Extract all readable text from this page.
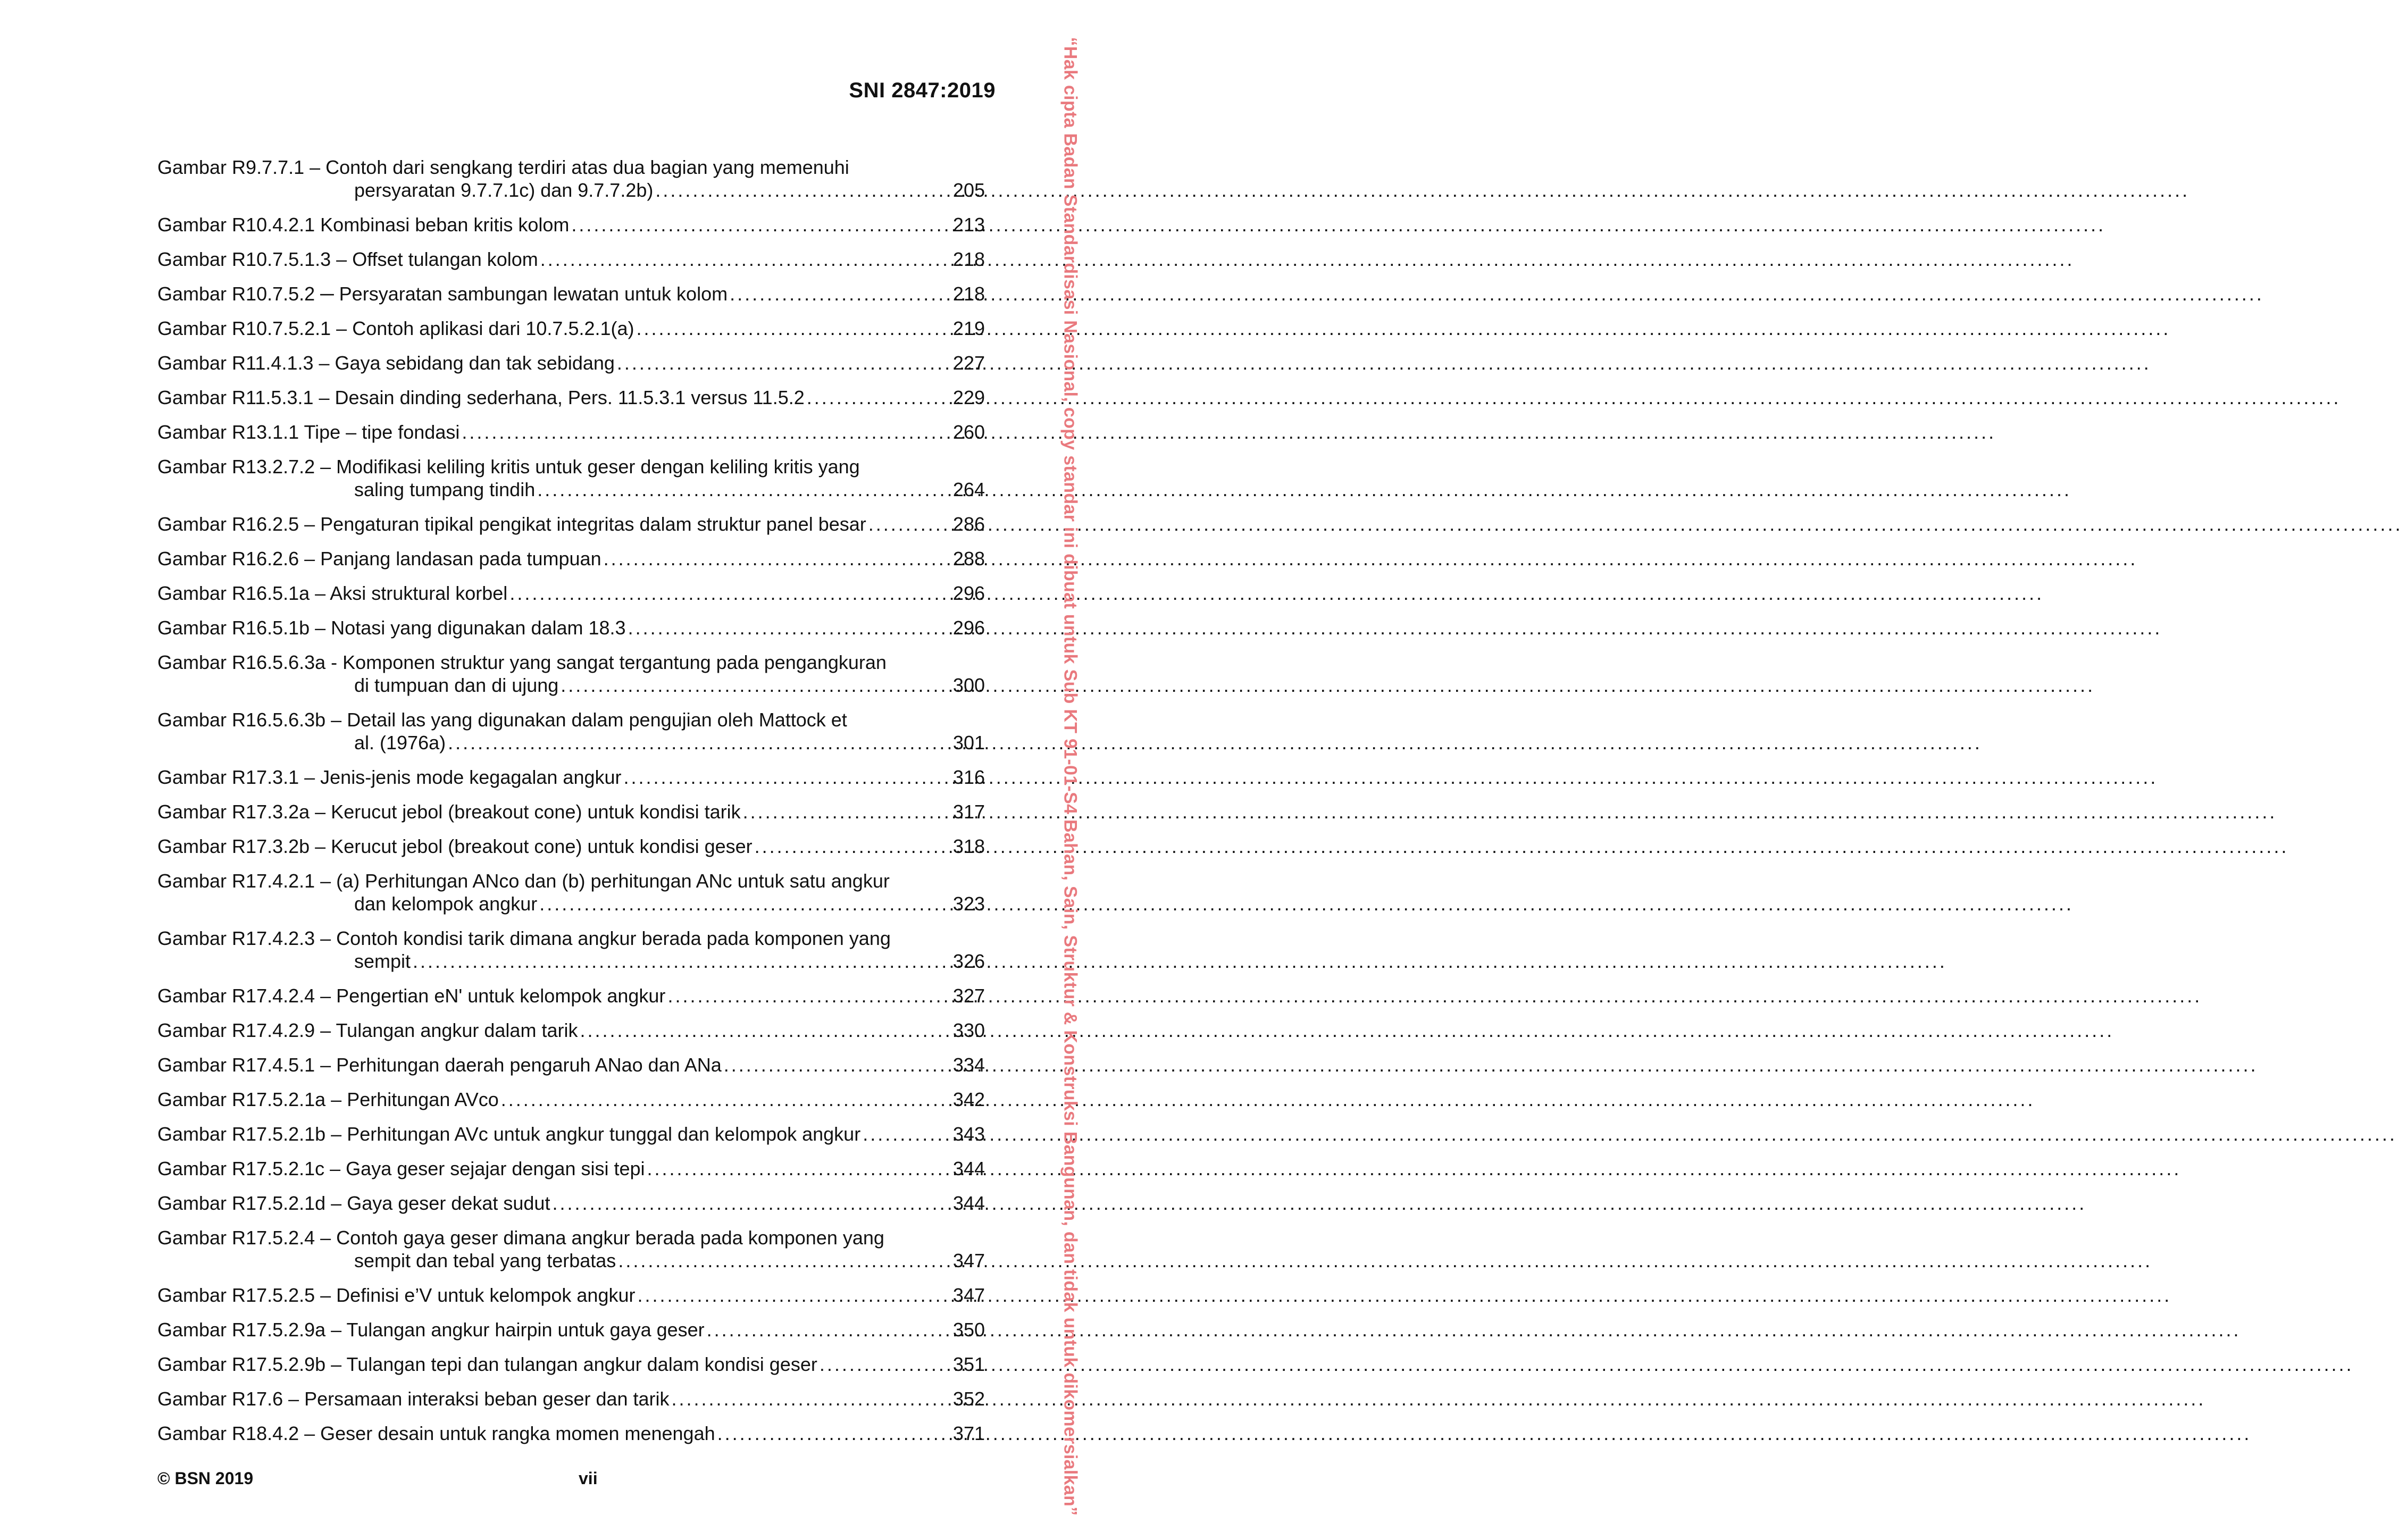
SNI 2847:2019
Gambar R9.7.7.1 – Contoh dari sengkang terdiri atas dua bagian yang memenuhi
persyaratan 9.7.7.1c) dan 9.7.7.2b) . . .	205
Gambar R10.4.2.1 Kombinasi beban kritis kolom . . .	213
Gambar R10.7.5.1.3 – Offset tulangan kolom . . .	218
Gambar R10.7.5.2 ─ Persyaratan sambungan lewatan untuk kolom . . .	218
Gambar R10.7.5.2.1 – Contoh aplikasi dari 10.7.5.2.1(a) . . .	219
Gambar R11.4.1.3 – Gaya sebidang dan tak sebidang . . .	227
Gambar R11.5.3.1 – Desain dinding sederhana, Pers. 11.5.3.1 versus 11.5.2 . . .	229
Gambar R13.1.1 Tipe – tipe fondasi . . .	260
Gambar R13.2.7.2 – Modifikasi keliling kritis untuk geser dengan keliling kritis yang
saling tumpang tindih . . .	264
Gambar R16.2.5 – Pengaturan tipikal pengikat integritas dalam struktur panel besar . . .	286
Gambar R16.2.6 – Panjang landasan pada tumpuan . . .	288
Gambar R16.5.1a – Aksi struktural korbel . . .	296
Gambar R16.5.1b – Notasi yang digunakan dalam 18.3 . . .	296
Gambar R16.5.6.3a - Komponen struktur yang sangat tergantung pada pengangkuran
di tumpuan dan di ujung . . .	300
Gambar R16.5.6.3b – Detail las yang digunakan dalam pengujian oleh Mattock et
al. (1976a) . . .	301
Gambar R17.3.1 – Jenis-jenis mode kegagalan angkur . . .	316
Gambar R17.3.2a – Kerucut jebol (breakout cone) untuk kondisi tarik . . .	317
Gambar R17.3.2b – Kerucut jebol (breakout cone) untuk kondisi geser . . .	318
Gambar R17.4.2.1 – (a) Perhitungan ANco dan (b) perhitungan ANc untuk satu angkur
dan kelompok angkur . . .	323
Gambar R17.4.2.3 – Contoh kondisi tarik dimana angkur berada pada komponen yang
sempit . . .	326
Gambar R17.4.2.4 – Pengertian eN' untuk kelompok angkur . . .	327
Gambar R17.4.2.9 – Tulangan angkur dalam tarik . . .	330
Gambar R17.4.5.1 – Perhitungan daerah pengaruh ANao dan ANa . . .	334
Gambar R17.5.2.1a – Perhitungan AVco . . .	342
Gambar R17.5.2.1b – Perhitungan AVc untuk angkur tunggal dan kelompok angkur . . .	343
Gambar R17.5.2.1c – Gaya geser sejajar dengan sisi tepi . . .	344
Gambar R17.5.2.1d – Gaya geser dekat sudut . . .	344
Gambar R17.5.2.4 – Contoh gaya geser dimana angkur berada pada komponen yang
sempit dan tebal yang terbatas . . .	347
Gambar R17.5.2.5 – Definisi e’V untuk kelompok angkur . . .	347
Gambar R17.5.2.9a – Tulangan angkur hairpin untuk gaya geser . . .	350
Gambar R17.5.2.9b – Tulangan tepi dan tulangan angkur dalam kondisi geser . . .	351
Gambar R17.6 – Persamaan interaksi beban geser dan tarik . . .	352
Gambar R18.4.2 – Geser desain untuk rangka momen menengah . . .	371
© BSN 2019	vii	“Hak cipta Badan Standardisasi Nasional, copy standar ini dibuat untuk Sub KT 91-01-S4 Bahan, Sain, Struktur & Konstruksi Bangunan, dan tidak untuk dikomersialkan”
